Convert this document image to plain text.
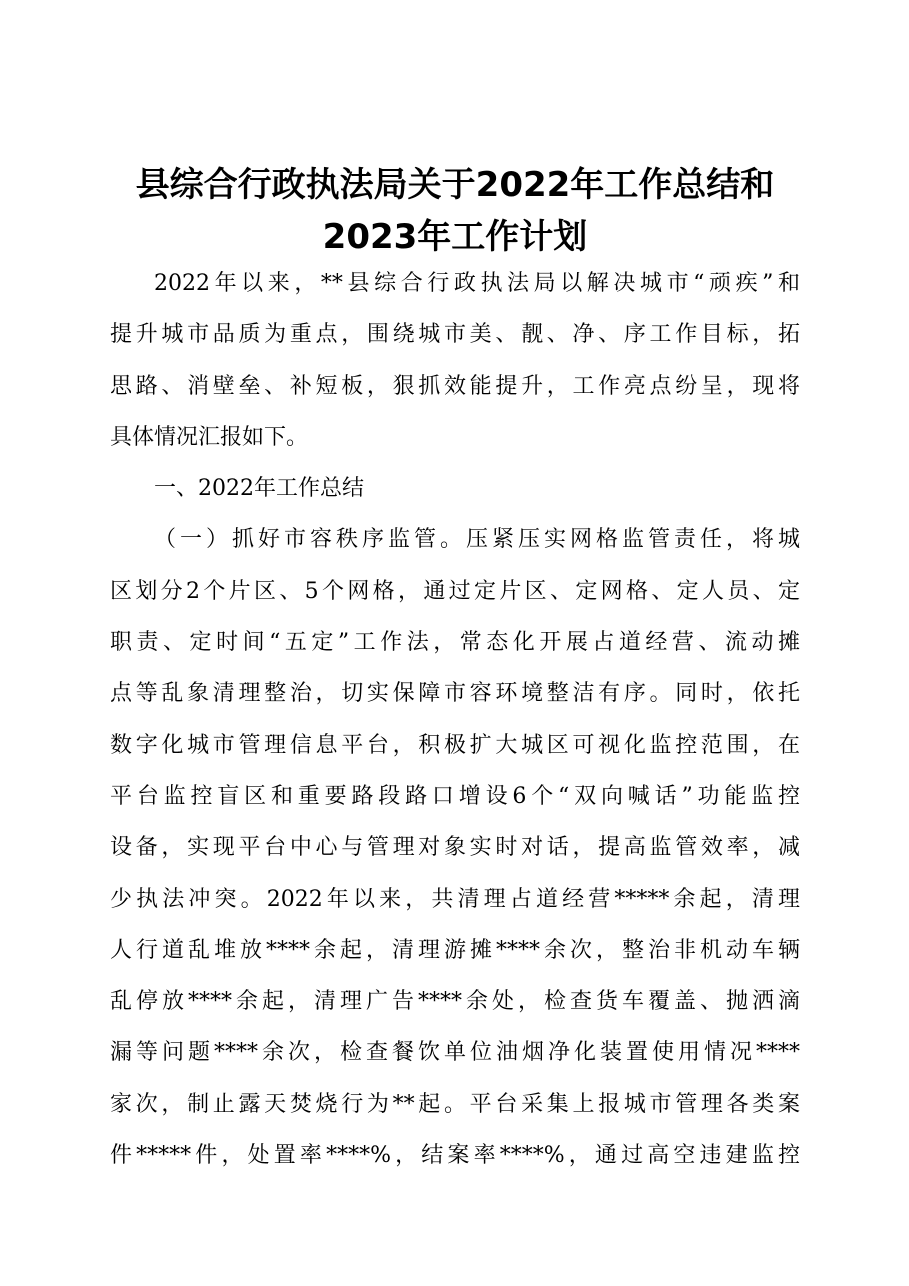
县综合行政执法局关于2022年工作总结和
2023年工作计划
2022年以来，**县综合行政执法局以解决城市“顽疾”和
提升城市品质为重点，围绕城市美、靓、净、序工作目标，拓
思路、消壁垒、补短板，狠抓效能提升，工作亮点纷呈，现将
具体情况汇报如下。
一、2022年工作总结
（一）抓好市容秩序监管。压紧压实网格监管责任，将城
区划分2个片区、5个网格，通过定片区、定网格、定人员、定
职责、定时间“五定”工作法，常态化开展占道经营、流动摊
点等乱象清理整治，切实保障市容环境整洁有序。同时，依托
数字化城市管理信息平台，积极扩大城区可视化监控范围，在
平台监控盲区和重要路段路口增设6个“双向喊话”功能监控
设备，实现平台中心与管理对象实时对话，提高监管效率，减
少执法冲突。2022年以来，共清理占道经营*****余起，清理
人行道乱堆放****余起，清理游摊****余次，整治非机动车辆
乱停放****余起，清理广告****余处，检查货车覆盖、抛洒滴
漏等问题****余次，检查餐饮单位油烟净化装置使用情况****
家次，制止露天焚烧行为**起。平台采集上报城市管理各类案
件*****件，处置率****%，结案率****%，通过高空违建监控
